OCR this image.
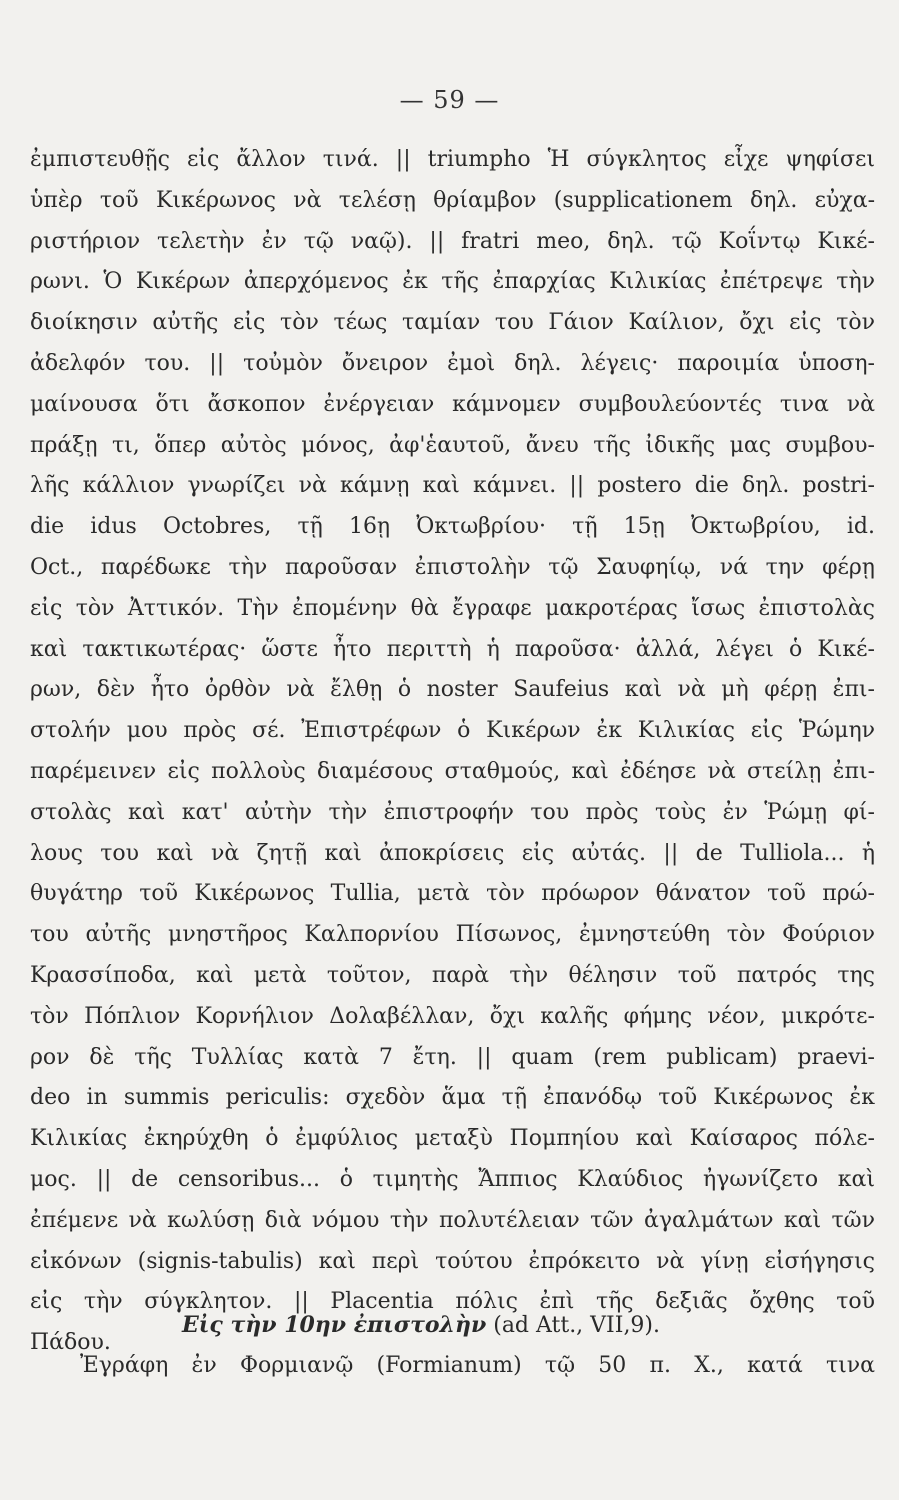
— 59 —
ἐμπιστευθῇς εἰς ἄλλον τινά. || triumpho Ἡ σύγκλητος εἶχε ψηφίσει
ὑπὲρ τοῦ Κικέρωνος νὰ τελέσῃ θρίαμβον (supplicationem δηλ. εὐχα-
ριστήριον τελετὴν ἐν τῷ ναῷ). || fratri meo, δηλ. τῷ Κοΐντῳ Κικέ-
ρωνι. Ὁ Κικέρων ἀπερχόμενος ἐκ τῆς ἐπαρχίας Κιλικίας ἐπέτρεψε τὴν
διοίκησιν αὐτῆς εἰς τὸν τέως ταμίαν του Γάιον Καίλιον, ὄχι εἰς τὸν
ἀδελφόν του. || τοὐμὸν ὄνειρον ἐμοὶ δηλ. λέγεις· παροιμία ὑποση-
μαίνουσα ὅτι ἄσκοπον ἐνέργειαν κάμνομεν συμβουλεύοντές τινα νὰ
πράξῃ τι, ὅπερ αὐτὸς μόνος, ἀφ'ἑαυτοῦ, ἄνευ τῆς ἰδικῆς μας συμβου-
λῆς κάλλιον γνωρίζει νὰ κάμνῃ καὶ κάμνει. || postero die δηλ. postri-
die idus Octobres, τῇ 16ῃ Ὀκτωβρίου· τῇ 15ῃ Ὀκτωβρίου, id.
Oct., παρέδωκε τὴν παροῦσαν ἐπιστολὴν τῷ Σαυφηίῳ, νά την φέρῃ
εἰς τὸν Ἀττικόν. Τὴν ἐπομένην θὰ ἔγραφε μακροτέρας ἴσως ἐπιστολὰς
καὶ τακτικωτέρας· ὥστε ἦτο περιττὴ ἡ παροῦσα· ἀλλά, λέγει ὁ Κικέ-
ρων, δὲν ἦτο ὀρθὸν νὰ ἔλθῃ ὁ noster Saufeius καὶ νὰ μὴ φέρῃ ἐπι-
στολήν μου πρὸς σέ. Ἐπιστρέφων ὁ Κικέρων ἐκ Κιλικίας εἰς Ῥώμην
παρέμεινεν εἰς πολλοὺς διαμέσους σταθμούς, καὶ ἐδέησε νὰ στείλῃ ἐπι-
στολὰς καὶ κατ' αὐτὴν τὴν ἐπιστροφήν του πρὸς τοὺς ἐν Ῥώμῃ φί-
λους του καὶ νὰ ζητῇ καὶ ἀποκρίσεις εἰς αὐτάς. || de Tulliola... ἡ
θυγάτηρ τοῦ Κικέρωνος Tullia, μετὰ τὸν πρόωρον θάνατον τοῦ πρώ-
του αὐτῆς μνηστῆρος Καλπορνίου Πίσωνος, ἐμνηστεύθη τὸν Φούριον
Κρασσίποδα, καὶ μετὰ τοῦτον, παρὰ τὴν θέλησιν τοῦ πατρός της
τὸν Πόπλιον Κορνήλιον Δολαβέλλαν, ὄχι καλῆς φήμης νέον, μικρότε-
ρον δὲ τῆς Τυλλίας κατὰ 7 ἔτη. || quam (rem publicam) praevi-
deo in summis periculis: σχεδὸν ἅμα τῇ ἐπανόδῳ τοῦ Κικέρωνος ἐκ
Κιλικίας ἐκηρύχθη ὁ ἐμφύλιος μεταξὺ Πομπηίου καὶ Καίσαρος πόλε-
μος. || de censoribus... ὁ τιμητὴς Ἄππιος Κλαύδιος ἠγωνίζετο καὶ
ἐπέμενε νὰ κωλύσῃ διὰ νόμου τὴν πολυτέλειαν τῶν ἀγαλμάτων καὶ τῶν
εἰκόνων (signis-tabulis) καὶ περὶ τούτου ἐπρόκειτο νὰ γίνῃ εἰσήγησις
εἰς τὴν σύγκλητον. || Placentia πόλις ἐπὶ τῆς δεξιᾶς ὄχθης τοῦ
Πάδου.
Εἰς τὴν 10ην ἐπιστολὴν (ad Att., VII,9).
Ἐγράφη ἐν Φορμιανῷ (Formianum) τῷ 50 π. Χ., κατά τινα
